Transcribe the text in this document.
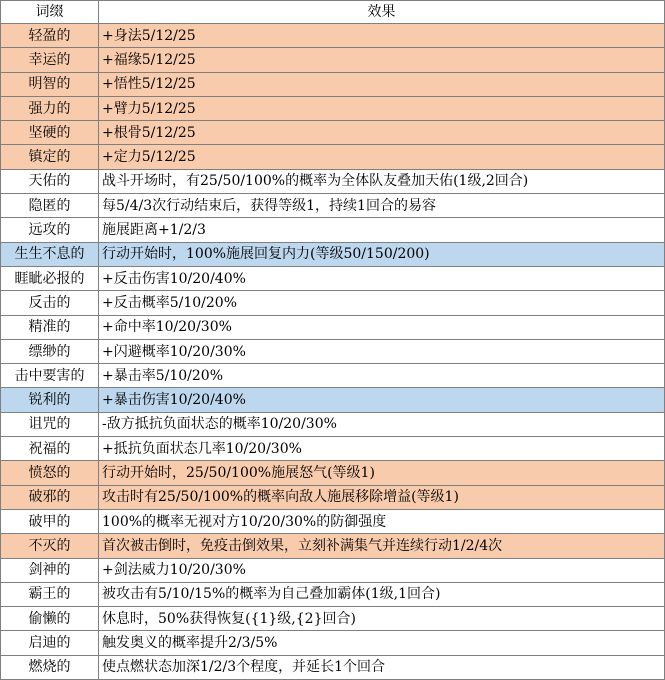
词缀	效果
轻盈的	+身法5/12/25
幸运的	+福缘5/12/25
明智的	+悟性5/12/25
强力的	+臂力5/12/25
坚硬的	+根骨5/12/25
镇定的	+定力5/12/25
天佑的	战斗开场时，有25/50/100%的概率为全体队友叠加天佑(1级,2回合)
隐匿的	每5/4/3次行动结束后，获得等级1，持续1回合的易容
远攻的	施展距离+1/2/3
生生不息的	行动开始时，100%施展回复内力(等级50/150/200)
睚眦必报的	+反击伤害10/20/40%
反击的	+反击概率5/10/20%
精准的	+命中率10/20/30%
缥缈的	+闪避概率10/20/30%
击中要害的	+暴击率5/10/20%
锐利的	+暴击伤害10/20/40%
诅咒的	-敌方抵抗负面状态的概率10/20/30%
祝福的	+抵抗负面状态几率10/20/30%
愤怒的	行动开始时，25/50/100%施展怒气(等级1)
破邪的	攻击时有25/50/100%的概率向敌人施展移除增益(等级1)
破甲的	100%的概率无视对方10/20/30%的防御强度
不灭的	首次被击倒时，免疫击倒效果，立刻补满集气并连续行动1/2/4次
剑神的	+剑法威力10/20/30%
霸王的	被攻击有5/10/15%的概率为自己叠加霸体(1级,1回合)
偷懒的	休息时，50%获得恢复({1}级,{2}回合)
启迪的	触发奥义的概率提升2/3/5%
燃烧的	使点燃状态加深1/2/3个程度，并延长1个回合
